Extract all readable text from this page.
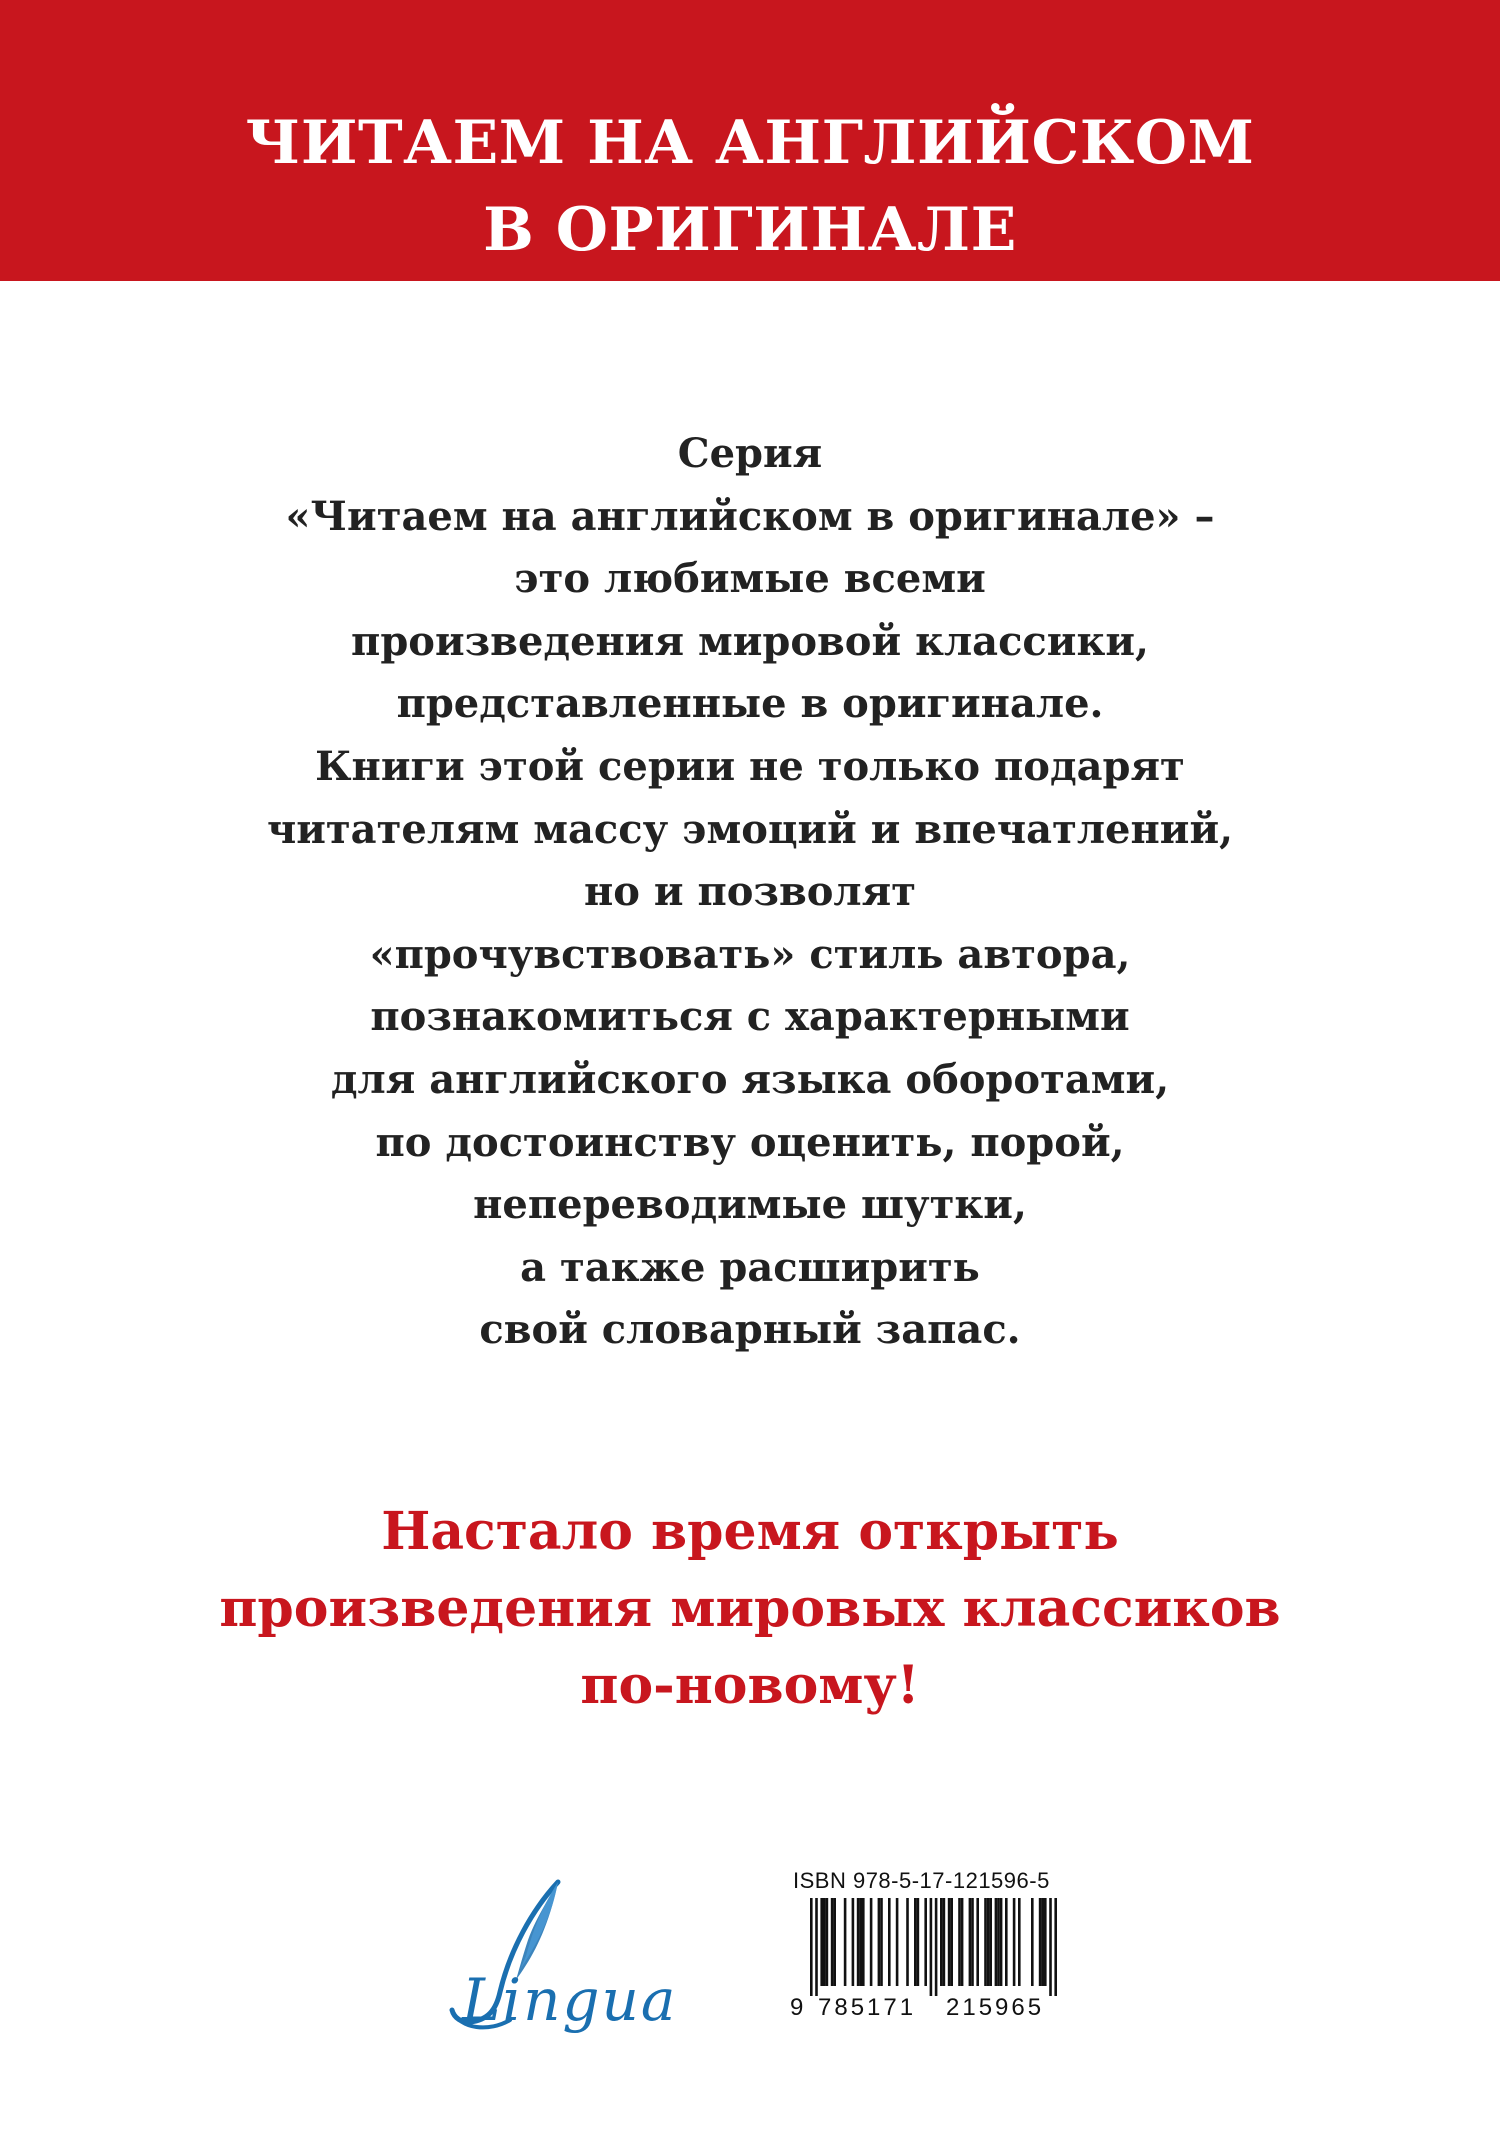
ЧИТАЕМ НА АНГЛИЙСКОМ
В ОРИГИНАЛЕ
Серия
«Читаем на английском в оригинале» –
это любимые всеми
произведения мировой классики,
представленные в оригинале.
Книги этой серии не только подарят
читателям массу эмоций и впечатлений,
но и позволят
«прочувствовать» стиль автора,
познакомиться с характерными
для английского языка оборотами,
по достоинству оценить, порой,
непереводимые шутки,
а также расширить
свой словарный запас.
Настало время открыть
произведения мировых классиков
по-новому!
Lingua
ISBN 978-5-17-121596-5
9 785171 215965
